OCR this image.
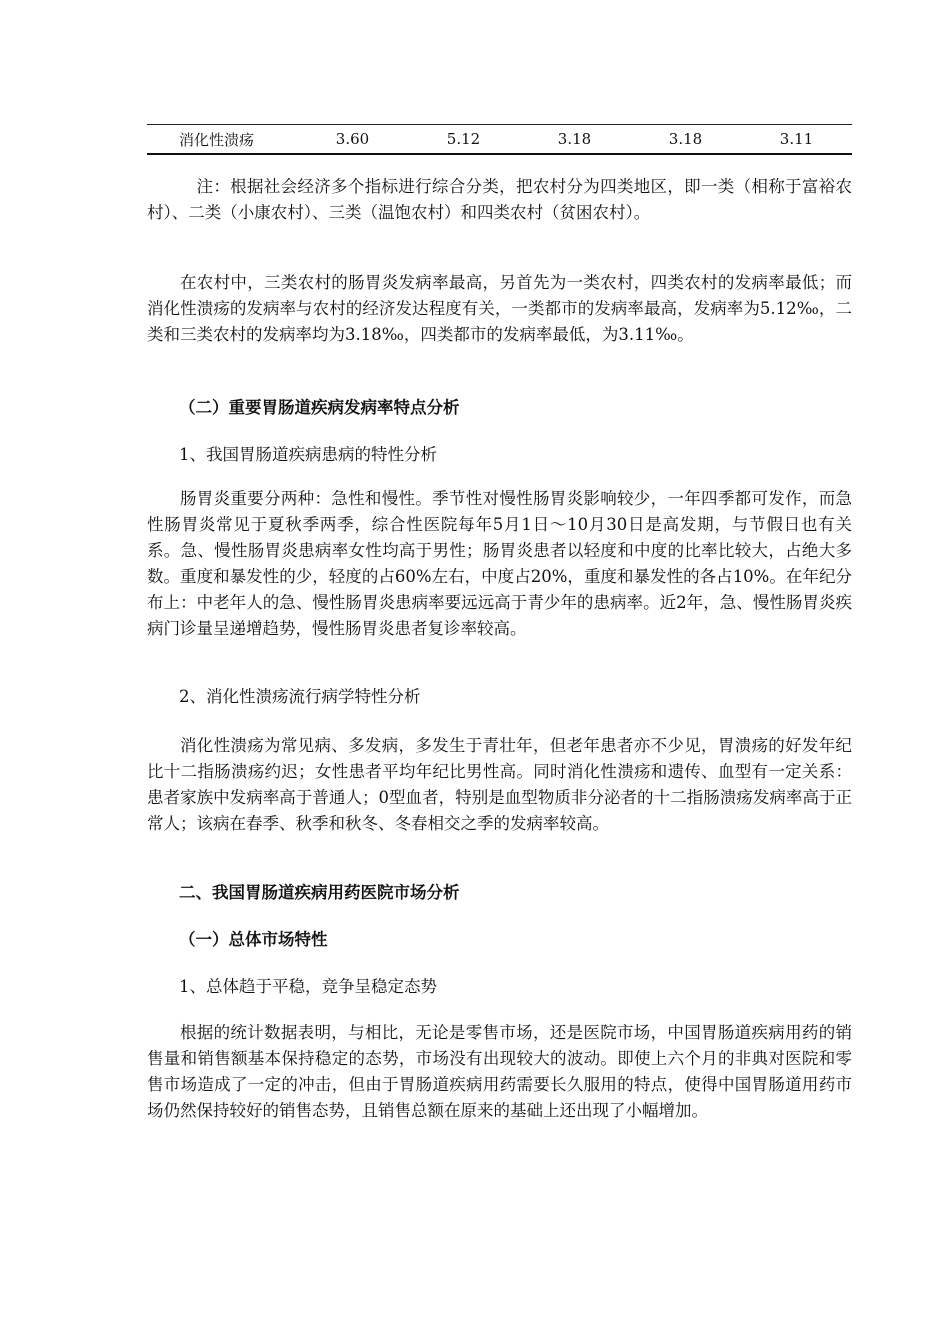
消化性溃疡	3.60	5.12	3.18	3.18	3.11

注：根据社会经济多个指标进行综合分类，把农村分为四类地区，即一类（相称于富裕农村）、二类（小康农村）、三类（温饱农村）和四类农村（贫困农村）。

在农村中，三类农村的肠胃炎发病率最高，另首先为一类农村，四类农村的发病率最低；而消化性溃疡的发病率与农村的经济发达程度有关，一类都市的发病率最高，发病率为5.12‰，二类和三类农村的发病率均为3.18‰，四类都市的发病率最低，为3.11‰。

（二）重要胃肠道疾病发病率特点分析

1、我国胃肠道疾病患病的特性分析

肠胃炎重要分两种：急性和慢性。季节性对慢性肠胃炎影响较少，一年四季都可发作，而急性肠胃炎常见于夏秋季两季，综合性医院每年5月1日～10月30日是高发期，与节假日也有关系。急、慢性肠胃炎患病率女性均高于男性；肠胃炎患者以轻度和中度的比率比较大，占绝大多数。重度和暴发性的少，轻度的占60%左右，中度占20%，重度和暴发性的各占10%。在年纪分布上：中老年人的急、慢性肠胃炎患病率要远远高于青少年的患病率。近2年，急、慢性肠胃炎疾病门诊量呈递增趋势，慢性肠胃炎患者复诊率较高。

2、消化性溃疡流行病学特性分析

消化性溃疡为常见病、多发病，多发生于青壮年，但老年患者亦不少见，胃溃疡的好发年纪比十二指肠溃疡约迟；女性患者平均年纪比男性高。同时消化性溃疡和遗传、血型有一定关系：患者家族中发病率高于普通人；0型血者，特别是血型物质非分泌者的十二指肠溃疡发病率高于正常人；该病在春季、秋季和秋冬、冬春相交之季的发病率较高。

二、我国胃肠道疾病用药医院市场分析

（一）总体市场特性

1、总体趋于平稳，竞争呈稳定态势

根据的统计数据表明，与相比，无论是零售市场，还是医院市场，中国胃肠道疾病用药的销售量和销售额基本保持稳定的态势，市场没有出现较大的波动。即使上六个月的非典对医院和零售市场造成了一定的冲击，但由于胃肠道疾病用药需要长久服用的特点，使得中国胃肠道用药市场仍然保持较好的销售态势，且销售总额在原来的基础上还出现了小幅增加。
